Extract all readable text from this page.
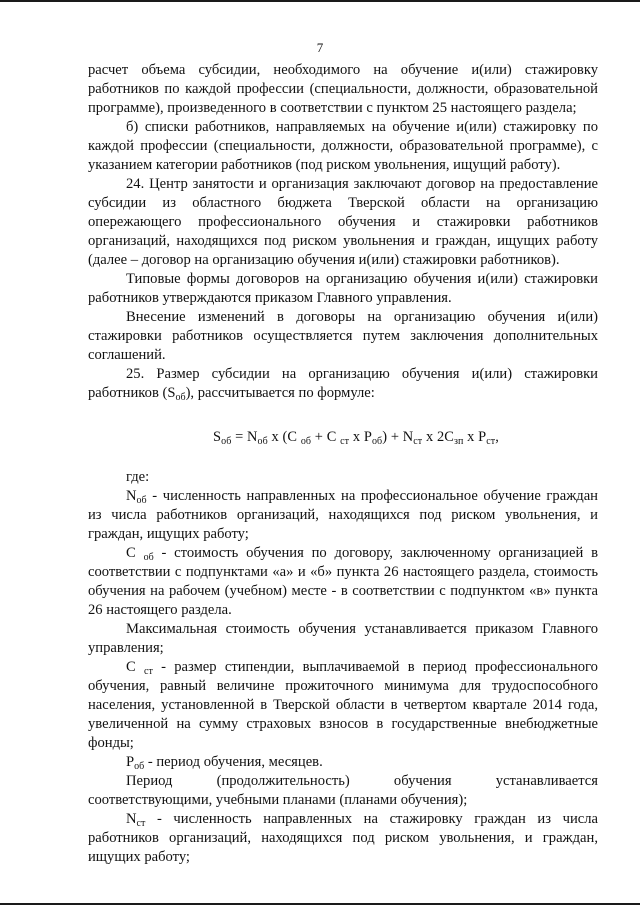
7

расчет объема субсидии, необходимого на обучение и(или) стажировку работников по каждой профессии (специальности, должности, образовательной программе), произведенного в соответствии с пунктом 25 настоящего раздела;

б) списки работников, направляемых на обучение и(или) стажировку по каждой профессии (специальности, должности, образовательной программе), с указанием категории работников (под риском увольнения, ищущий работу).

24. Центр занятости и организация заключают договор на предоставление субсидии из областного бюджета Тверской области на организацию опережающего профессионального обучения и стажировки работников организаций, находящихся под риском увольнения и граждан, ищущих работу (далее – договор на организацию обучения и(или) стажировки работников).

Типовые формы договоров на организацию обучения и(или) стажировки работников утверждаются приказом Главного управления.

Внесение изменений в договоры на организацию обучения и(или) стажировки работников осуществляется путем заключения дополнительных соглашений.

25. Размер субсидии на организацию обучения и(или) стажировки работников $(S_{об})$, рассчитывается по формуле:

$S_{об} = N_{об}$ x (C $_{об}$ + C $_{ст}$ x $P_{об}) + N_{ст}$ x $2C_{зп}$ x $P_{ст}$,

где:

$N_{об}$ - численность направленных на профессиональное обучение граждан из числа работников организаций, находящихся под риском увольнения, и граждан, ищущих работу;

С $_{об}$ - стоимость обучения по договору, заключенному организацией в соответствии с подпунктами «а» и «б» пункта 26 настоящего раздела, стоимость обучения на рабочем (учебном) месте - в соответствии с подпунктом «в» пункта 26 настоящего раздела.

Максимальная стоимость обучения устанавливается приказом Главного управления;

С $_{ст}$ - размер стипендии, выплачиваемой в период профессионального обучения, равный величине прожиточного минимума для трудоспособного населения, установленной в Тверской области в четвертом квартале 2014 года, увеличенной на сумму страховых взносов в государственные внебюджетные фонды;

$P_{об}$ - период обучения, месяцев.

Период (продолжительность) обучения устанавливается соответствующими, учебными планами (планами обучения);

$N_{ст}$ - численность направленных на стажировку граждан из числа работников организаций, находящихся под риском увольнения, и граждан, ищущих работу;
